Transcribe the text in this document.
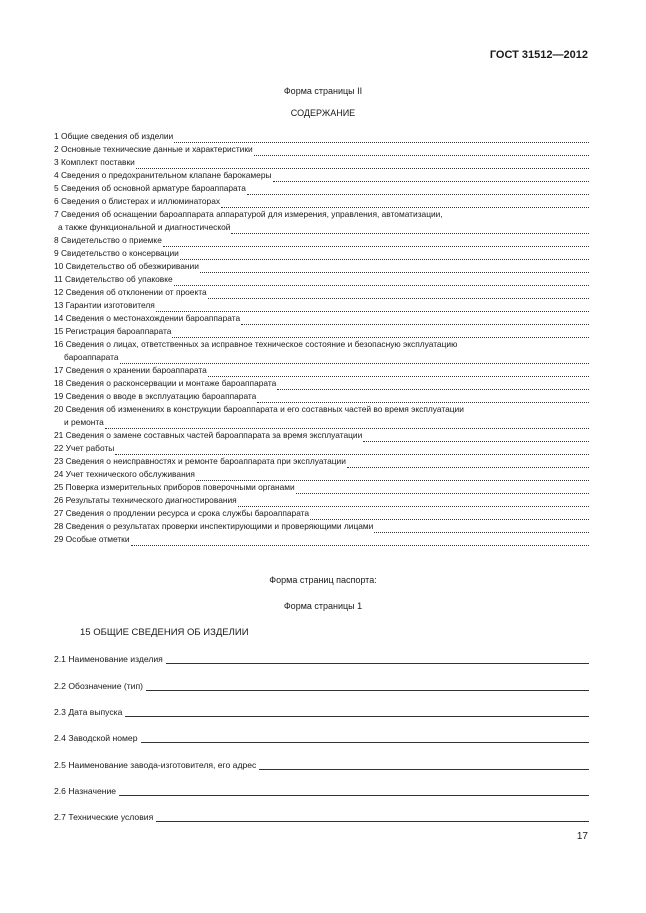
ГОСТ 31512—2012
Форма страницы II
СОДЕРЖАНИЕ
1 Общие сведения об изделии
2 Основные технические данные и характеристики
3 Комплект поставки
4 Сведения о предохранительном клапане барокамеры
5 Сведения об основной арматуре бароаппарата
6 Сведения о блистерах и иллюминаторах
7 Сведения об оснащении бароаппарата аппаратурой для измерения, управления, автоматизации,
а также функциональной и диагностической
8 Свидетельство о приемке
9 Свидетельство о консервации
10 Свидетельство об обезжиривании
11 Свидетельство об упаковке
12 Сведения об отклонении от проекта
13 Гарантии изготовителя
14 Сведения о местонахождении бароаппарата
15 Регистрация бароаппарата
16 Сведения о лицах, ответственных за исправное техническое состояние и безопасную эксплуатацию
бароаппарата
17 Сведения о хранении бароаппарата
18 Сведения о расконсервации и монтаже бароаппарата
19 Сведения о вводе в эксплуатацию бароаппарата
20 Сведения об изменениях в конструкции бароаппарата и его составных частей во время эксплуатации
и ремонта
21 Сведения о замене составных частей бароаппарата за время эксплуатации
22 Учет работы
23 Сведения о неисправностях и ремонте бароаппарата при эксплуатации
24 Учет технического обслуживания
25 Поверка измерительных приборов поверочными органами
26 Результаты технического диагностирования
27 Сведения о продлении ресурса и срока службы бароаппарата
28 Сведения о результатах проверки инспектирующими и проверяющими лицами
29 Особые отметки
Форма страниц паспорта:
Форма страницы 1
15 ОБЩИЕ СВЕДЕНИЯ ОБ ИЗДЕЛИИ
2.1 Наименование изделия
2.2 Обозначение (тип)
2.3 Дата выпуска
2.4 Заводской номер
2.5 Наименование завода-изготовителя, его адрес
2.6 Назначение
2.7 Технические условия
17
